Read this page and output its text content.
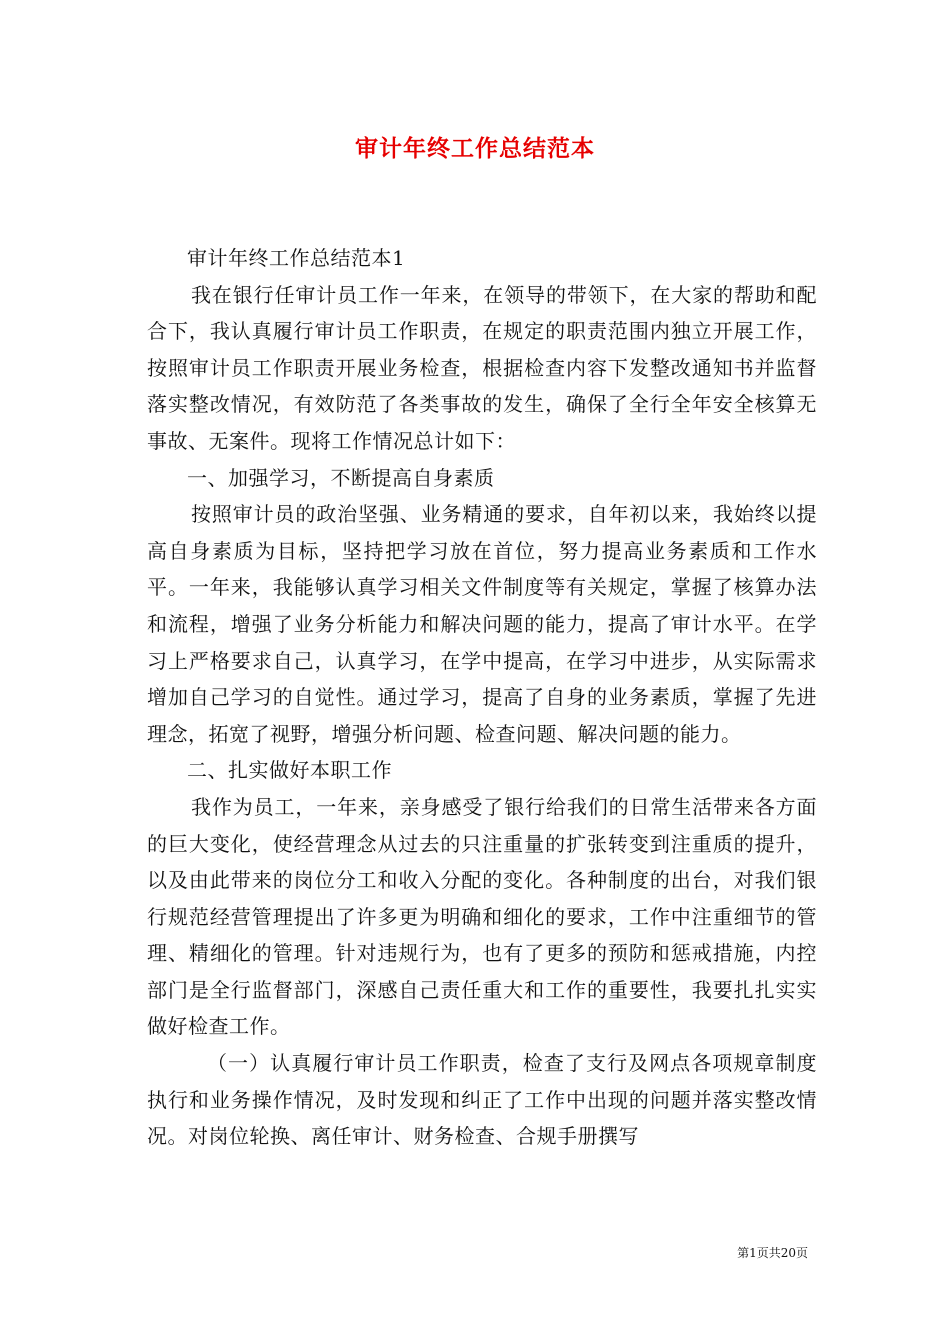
审计年终工作总结范本

审计年终工作总结范本1

我在银行任审计员工作一年来，在领导的带领下，在大家的帮助和配合下，我认真履行审计员工作职责，在规定的职责范围内独立开展工作，按照审计员工作职责开展业务检查，根据检查内容下发整改通知书并监督落实整改情况，有效防范了各类事故的发生，确保了全行全年安全核算无事故、无案件。现将工作情况总计如下：

一、加强学习，不断提高自身素质

按照审计员的政治坚强、业务精通的要求，自年初以来，我始终以提高自身素质为目标，坚持把学习放在首位，努力提高业务素质和工作水平。一年来，我能够认真学习相关文件制度等有关规定，掌握了核算办法和流程，增强了业务分析能力和解决问题的能力，提高了审计水平。在学习上严格要求自己，认真学习，在学中提高，在学习中进步，从实际需求增加自己学习的自觉性。通过学习，提高了自身的业务素质，掌握了先进理念，拓宽了视野，增强分析问题、检查问题、解决问题的能力。

二、扎实做好本职工作

我作为员工，一年来，亲身感受了银行给我们的日常生活带来各方面的巨大变化，使经营理念从过去的只注重量的扩张转变到注重质的提升，以及由此带来的岗位分工和收入分配的变化。各种制度的出台，对我们银行规范经营管理提出了许多更为明确和细化的要求，工作中注重细节的管理、精细化的管理。针对违规行为，也有了更多的预防和惩戒措施，内控部门是全行监督部门，深感自己责任重大和工作的重要性，我要扎扎实实做好检查工作。

（一）认真履行审计员工作职责，检查了支行及网点各项规章制度执行和业务操作情况，及时发现和纠正了工作中出现的问题并落实整改情况。对岗位轮换、离任审计、财务检查、合规手册撰写

第1页共20页
